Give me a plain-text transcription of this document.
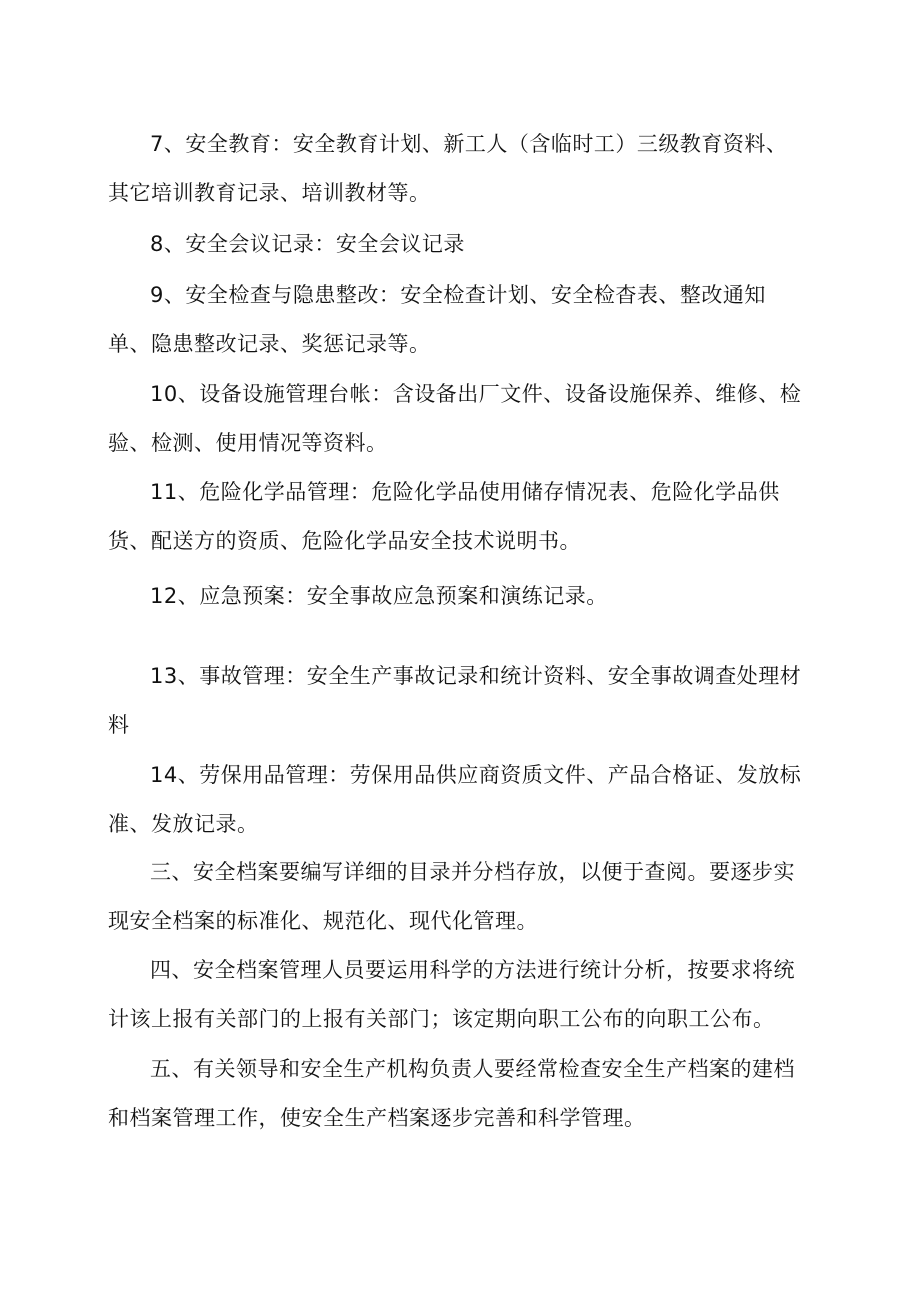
7、安全教育：安全教育计划、新工人（含临时工）三级教育资料、其它培训教育记录、培训教材等。

8、安全会议记录：安全会议记录

9、安全检查与隐患整改：安全检查计划、安全检杳表、整改通知单、隐患整改记录、奖惩记录等。

10、设备设施管理台帐：含设备出厂文件、设备设施保养、维修、检验、检测、使用情况等资料。

11、危险化学品管理：危险化学品使用储存情况表、危险化学品供货、配送方的资质、危险化学品安全技术说明书。

12、应急预案：安全事故应急预案和演练记录。

13、事故管理：安全生产事故记录和统计资料、安全事故调查处理材料

14、劳保用品管理：劳保用品供应商资质文件、产品合格证、发放标准、发放记录。

三、安全档案要编写详细的目录并分档存放，以便于查阅。要逐步实现安全档案的标准化、规范化、现代化管理。

四、安全档案管理人员要运用科学的方法进行统计分析，按要求将统计该上报有关部门的上报有关部门；该定期向职工公布的向职工公布。

五、有关领导和安全生产机构负责人要经常检查安全生产档案的建档和档案管理工作，使安全生产档案逐步完善和科学管理。
